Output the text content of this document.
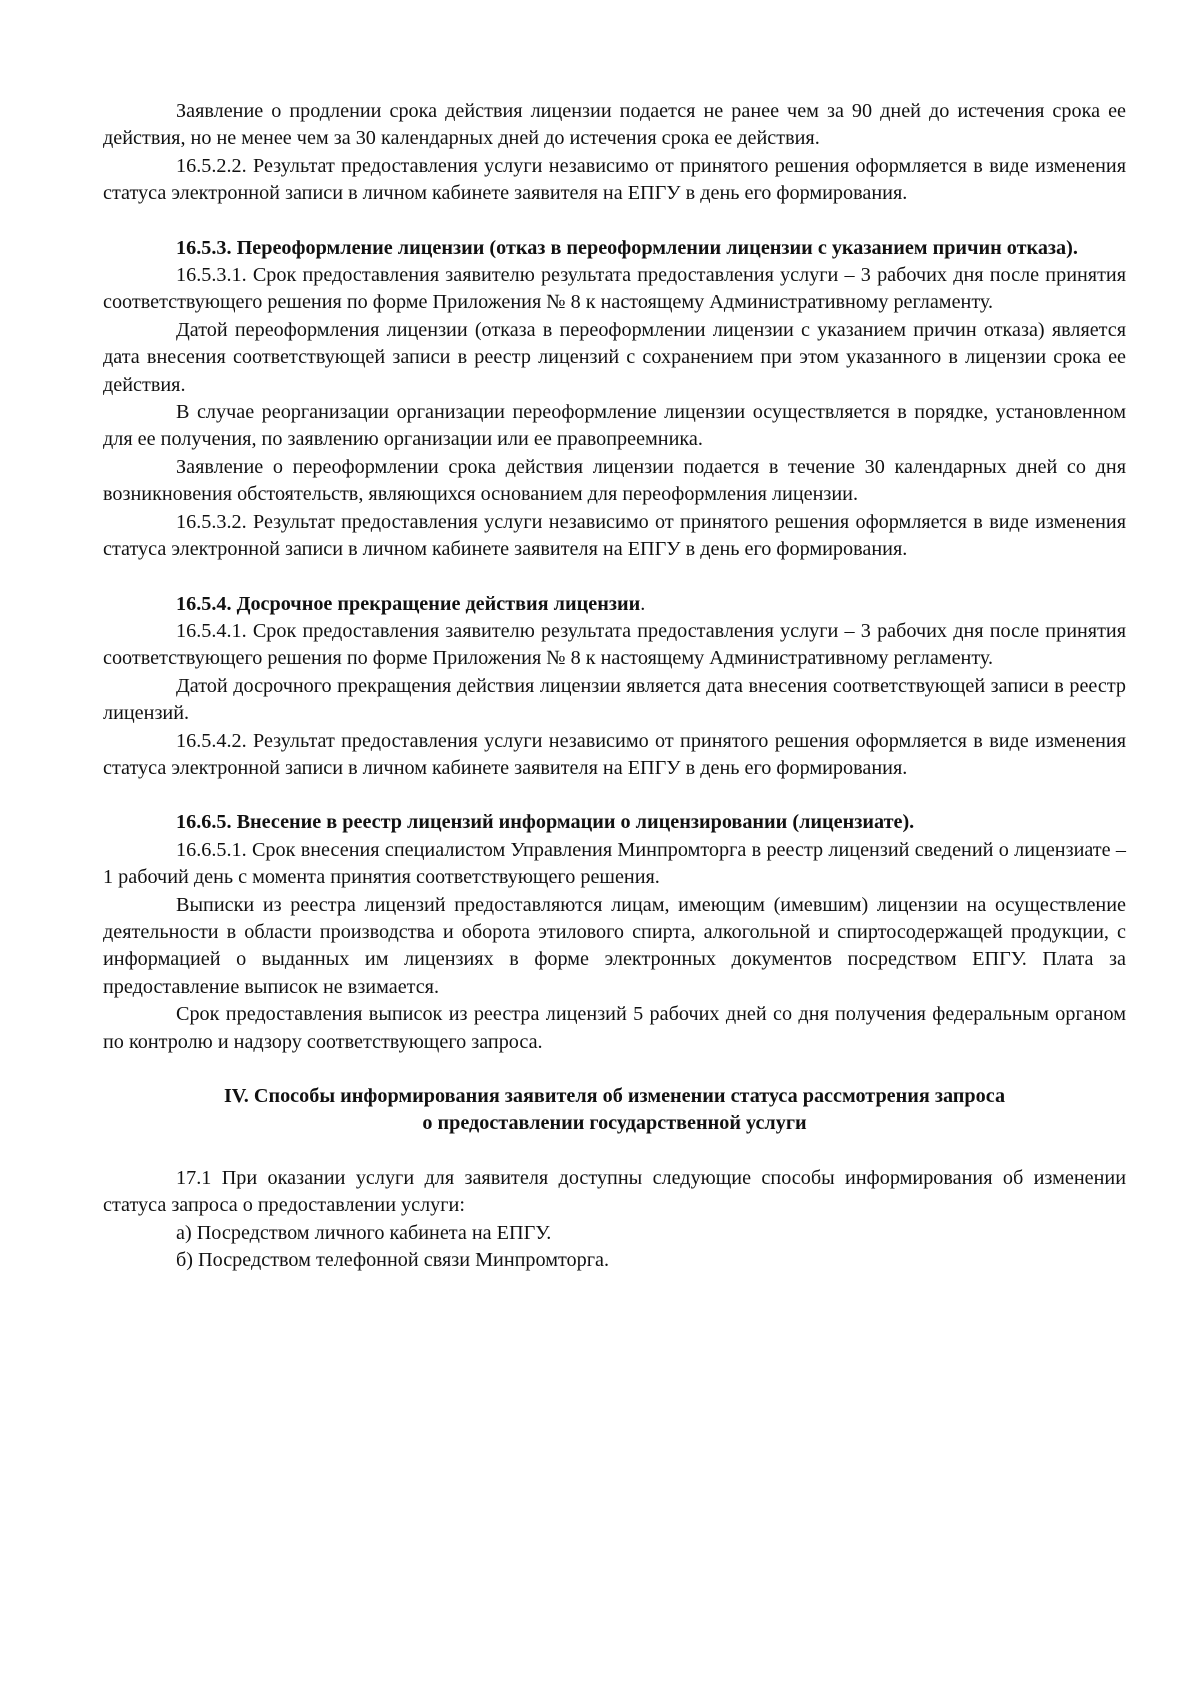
Заявление о продлении срока действия лицензии подается не ранее чем за 90 дней до истечения срока ее действия, но не менее чем за 30 календарных дней до истечения срока ее действия.

16.5.2.2. Результат предоставления услуги независимо от принятого решения оформляется в виде изменения статуса электронной записи в личном кабинете заявителя на ЕПГУ в день его формирования.

16.5.3. Переоформление лицензии (отказ в переоформлении лицензии с указанием причин отказа).

16.5.3.1. Срок предоставления заявителю результата предоставления услуги – 3 рабочих дня после принятия соответствующего решения по форме Приложения № 8 к настоящему Административному регламенту.

Датой переоформления лицензии (отказа в переоформлении лицензии с указанием причин отказа) является дата внесения соответствующей записи в реестр лицензий с сохранением при этом указанного в лицензии срока ее действия.

В случае реорганизации организации переоформление лицензии осуществляется в порядке, установленном для ее получения, по заявлению организации или ее правопреемника.

Заявление о переоформлении срока действия лицензии подается в течение 30 календарных дней со дня возникновения обстоятельств, являющихся основанием для переоформления лицензии.

16.5.3.2. Результат предоставления услуги независимо от принятого решения оформляется в виде изменения статуса электронной записи в личном кабинете заявителя на ЕПГУ в день его формирования.

16.5.4. Досрочное прекращение действия лицензии.

16.5.4.1. Срок предоставления заявителю результата предоставления услуги – 3 рабочих дня после принятия соответствующего решения по форме Приложения № 8 к настоящему Административному регламенту.

Датой досрочного прекращения действия лицензии является дата внесения соответствующей записи в реестр лицензий.

16.5.4.2. Результат предоставления услуги независимо от принятого решения оформляется в виде изменения статуса электронной записи в личном кабинете заявителя на ЕПГУ в день его формирования.

16.6.5. Внесение в реестр лицензий информации о лицензировании (лицензиате).

16.6.5.1. Срок внесения специалистом Управления Минпромторга в реестр лицензий сведений о лицензиате – 1 рабочий день с момента принятия соответствующего решения.

Выписки из реестра лицензий предоставляются лицам, имеющим (имевшим) лицензии на осуществление деятельности в области производства и оборота этилового спирта, алкогольной и спиртосодержащей продукции, с информацией о выданных им лицензиях в форме электронных документов посредством ЕПГУ. Плата за предоставление выписок не взимается.

Срок предоставления выписок из реестра лицензий 5 рабочих дней со дня получения федеральным органом по контролю и надзору соответствующего запроса.

IV. Способы информирования заявителя об изменении статуса рассмотрения запроса
о предоставлении государственной услуги

17.1 При оказании услуги для заявителя доступны следующие способы информирования об изменении статуса запроса о предоставлении услуги:

а) Посредством личного кабинета на ЕПГУ.

б) Посредством телефонной связи Минпромторга.
